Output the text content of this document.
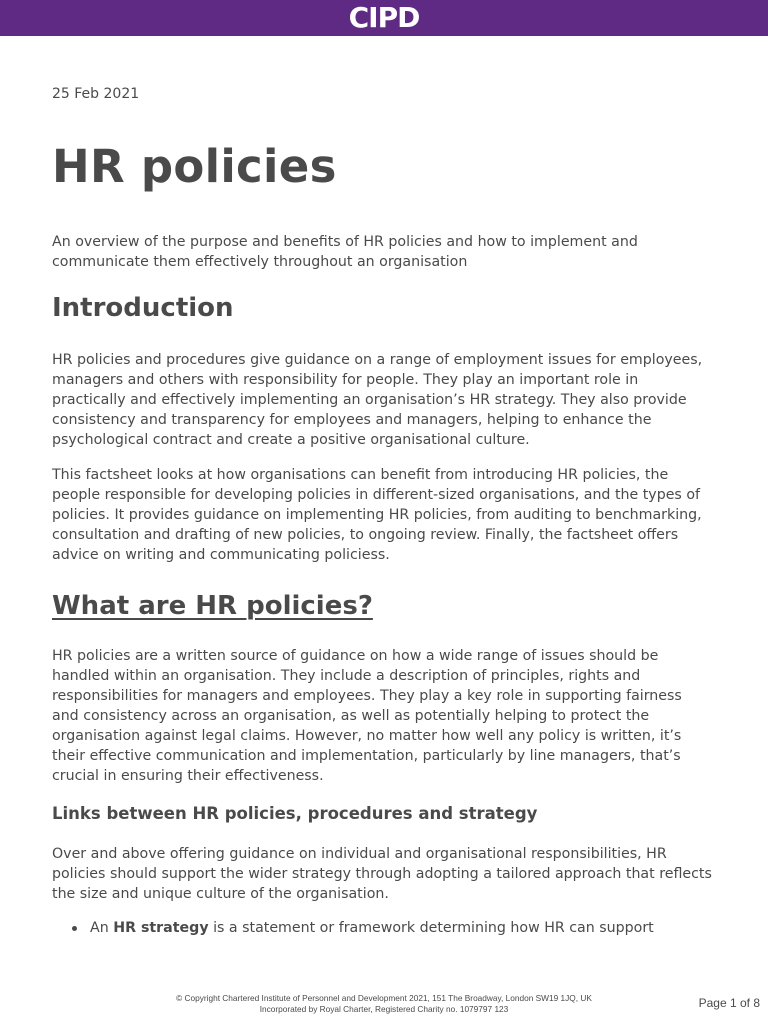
CIPD
25 Feb 2021
HR policies

An overview of the purpose and benefits of HR policies and how to implement and communicate them effectively throughout an organisation

Introduction

HR policies and procedures give guidance on a range of employment issues for employees, managers and others with responsibility for people. They play an important role in practically and effectively implementing an organisation’s HR strategy. They also provide consistency and transparency for employees and managers, helping to enhance the psychological contract and create a positive organisational culture.

This factsheet looks at how organisations can benefit from introducing HR policies, the people responsible for developing policies in different-sized organisations, and the types of policies. It provides guidance on implementing HR policies, from auditing to benchmarking, consultation and drafting of new policies, to ongoing review. Finally, the factsheet offers advice on writing and communicating policiess.

What are HR policies?

HR policies are a written source of guidance on how a wide range of issues should be handled within an organisation. They include a description of principles, rights and responsibilities for managers and employees. They play a key role in supporting fairness and consistency across an organisation, as well as potentially helping to protect the organisation against legal claims. However, no matter how well any policy is written, it’s their effective communication and implementation, particularly by line managers, that’s crucial in ensuring their effectiveness.

Links between HR policies, procedures and strategy

Over and above offering guidance on individual and organisational responsibilities, HR policies should support the wider strategy through adopting a tailored approach that reflects the size and unique culture of the organisation.

An HR strategy is a statement or framework determining how HR can support
© Copyright Chartered Institute of Personnel and Development 2021, 151 The Broadway, London SW19 1JQ, UK
Incorporated by Royal Charter, Registered Charity no. 1079797 123	Page 1 of 8
